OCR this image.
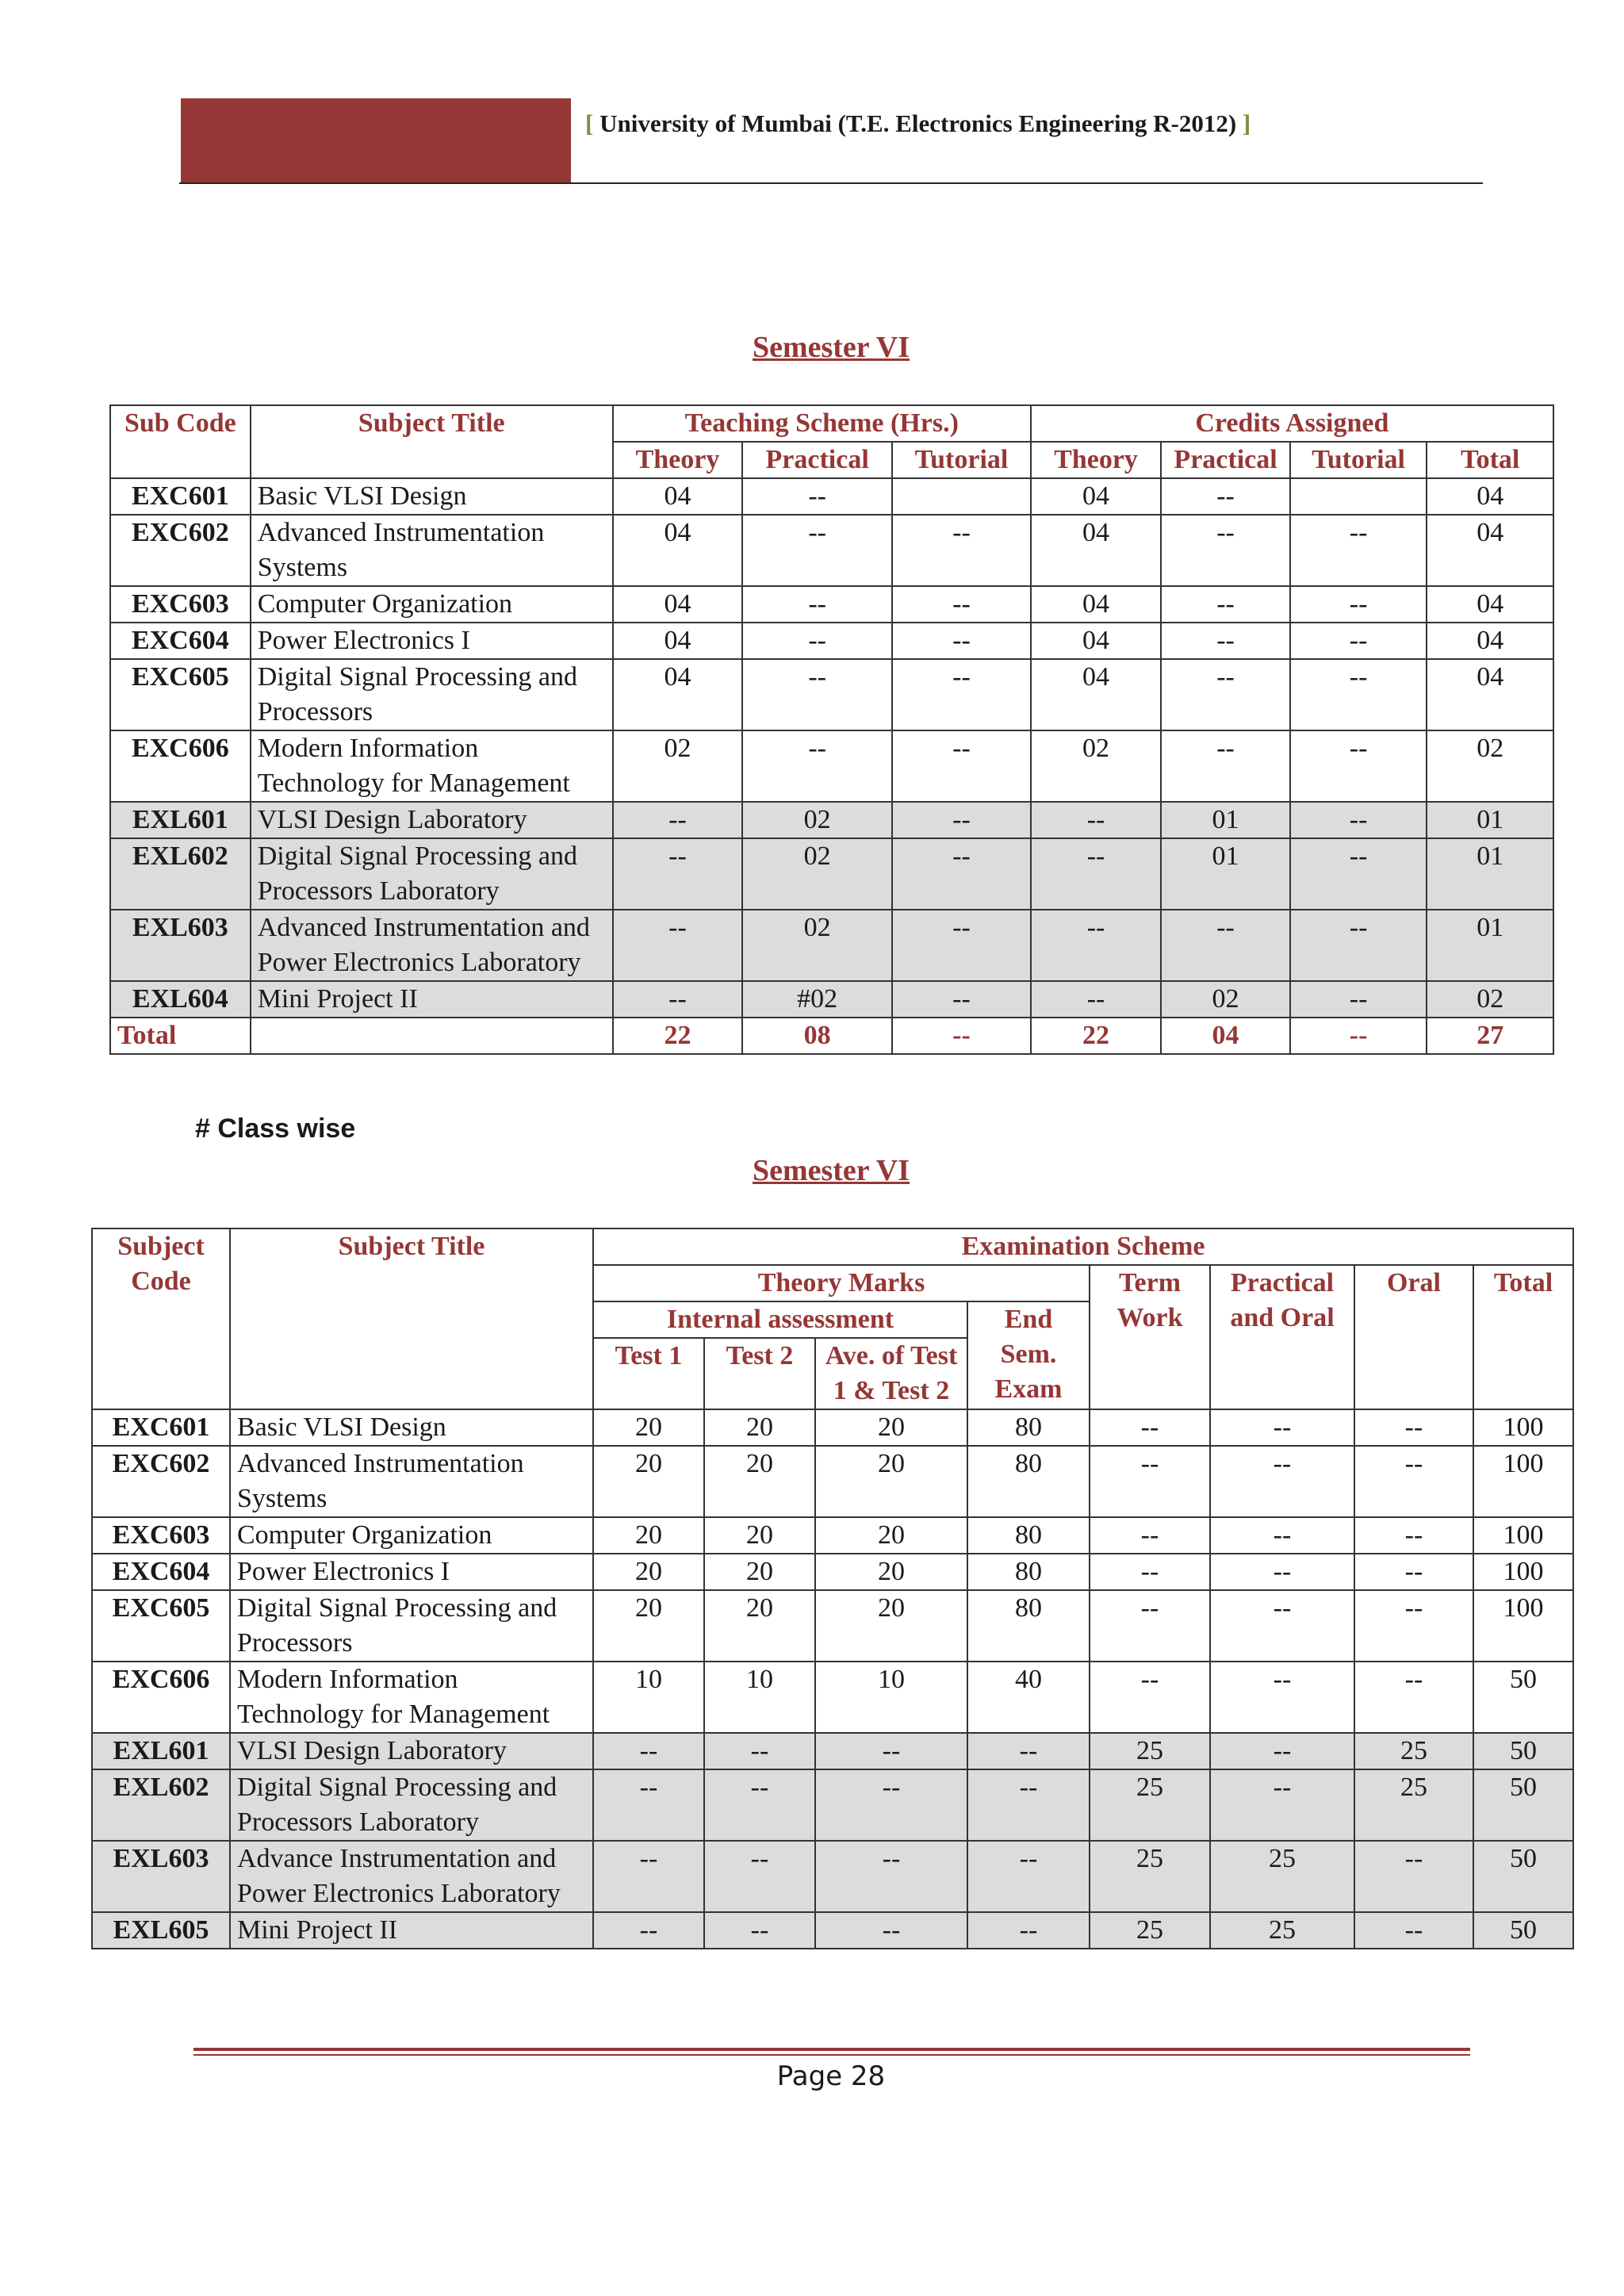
[ University of Mumbai (T.E. Electronics Engineering R-2012) ]
Semester VI
Sub Code	Subject Title	Teaching Scheme (Hrs.)			Credits Assigned			
		Theory	Practical	Tutorial	Theory	Practical	Tutorial	Total
EXC601	Basic VLSI Design	04	--		04	--		04
EXC602	Advanced Instrumentation Systems	04	--	--	04	--	--	04
EXC603	Computer Organization	04	--	--	04	--	--	04
EXC604	Power Electronics I	04	--	--	04	--	--	04
EXC605	Digital Signal Processing and Processors	04	--	--	04	--	--	04
EXC606	Modern Information Technology for Management	02	--	--	02	--	--	02
EXL601	VLSI Design Laboratory	--	02	--	--	01	--	01
EXL602	Digital Signal Processing and Processors Laboratory	--	02	--	--	01	--	01
EXL603	Advanced Instrumentation and Power Electronics Laboratory	--	02	--	--	--	--	01
EXL604	Mini Project II	--	#02	--	--	02	--	02
Total		22	08	--	22	04	--	27
# Class wise
Semester VI
Subject Code	Subject Title	Examination Scheme							
		Theory Marks				Term Work	Practical and Oral	Oral	Total
		Internal assessment			End Sem. Exam				
		Test 1	Test 2	Ave. of Test 1 & Test 2					
EXC601	Basic VLSI Design	20	20	20	80	--	--	--	100
EXC602	Advanced Instrumentation Systems	20	20	20	80	--	--	--	100
EXC603	Computer Organization	20	20	20	80	--	--	--	100
EXC604	Power Electronics I	20	20	20	80	--	--	--	100
EXC605	Digital Signal Processing and Processors	20	20	20	80	--	--	--	100
EXC606	Modern Information Technology for Management	10	10	10	40	--	--	--	50
EXL601	VLSI Design Laboratory	--	--	--	--	25	--	25	50
EXL602	Digital Signal Processing and Processors Laboratory	--	--	--	--	25	--	25	50
EXL603	Advance Instrumentation and Power Electronics Laboratory	--	--	--	--	25	25	--	50
EXL605	Mini Project II	--	--	--	--	25	25	--	50
Page 28
